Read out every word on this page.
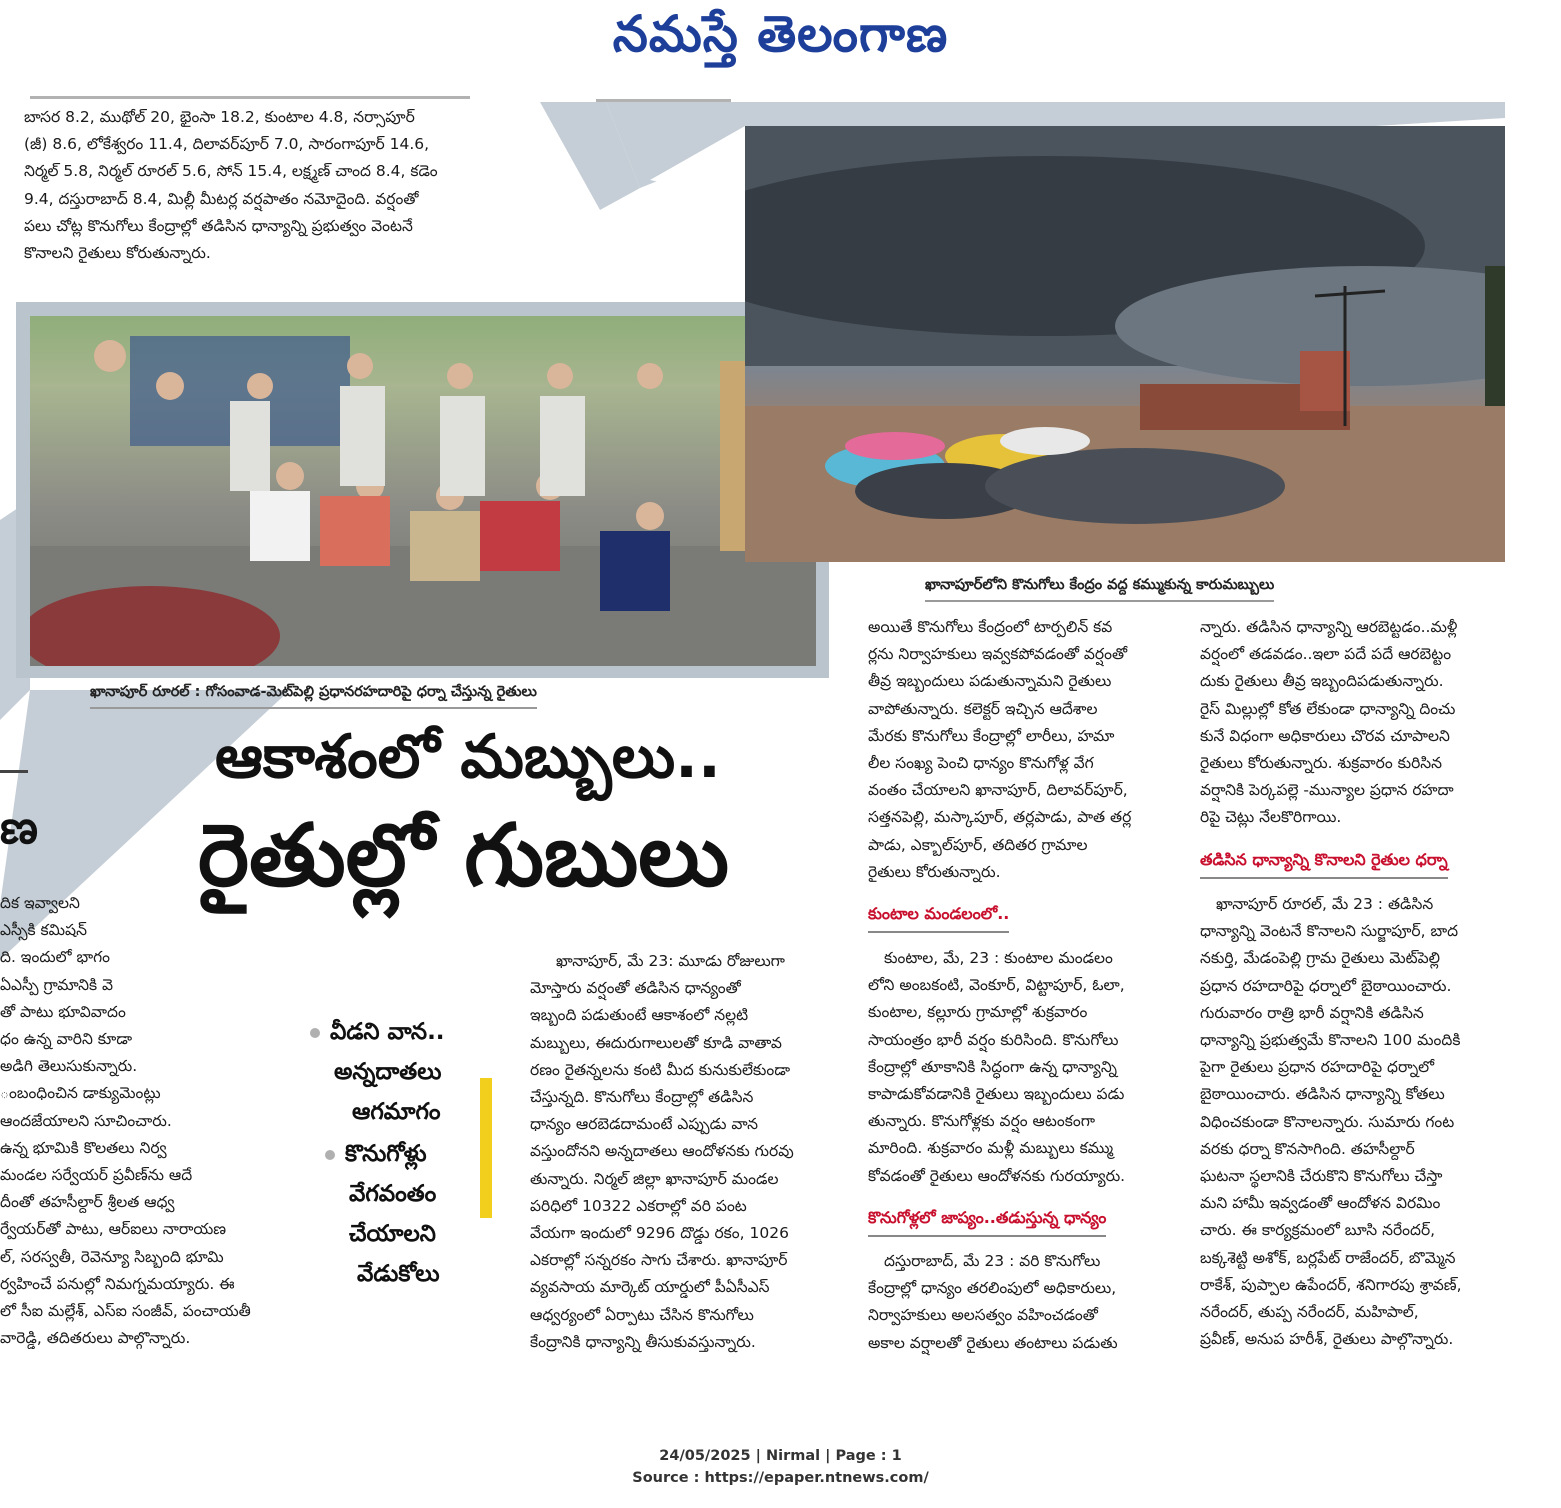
నమస్తే తెలంగాణ

బాసర 8.2, ముథోల్ 20, భైంసా 18.2, కుంటాల 4.8, నర్సాపూర్

(జీ) 8.6, లోకేశ్వరం 11.4, దిలావర్‌పూర్ 7.0, సారంగాపూర్ 14.6,

నిర్మల్ 5.8, నిర్మల్ రూరల్ 5.6, సోన్ 15.4, లక్ష్మణ్ చాంద 8.4, కడెం

9.4, దస్తురాబాద్ 8.4, మిల్లీ మీటర్ల వర్షపాతం నమోదైంది. వర్షంతో

పలు చోట్ల కొనుగోలు కేంద్రాల్లో తడిసిన ధాన్యాన్ని ప్రభుత్వం వెంటనే

కొనాలని రైతులు కోరుతున్నారు.

ఖానాపూర్ రూరల్ : గోసంవాడ-మెట్‌పెల్లి ప్రధానరహదారిపై ధర్నా చేస్తున్న రైతులు
ఖానాపూర్‌లోని కొనుగోలు కేంద్రం వద్ద కమ్ముకున్న కారుమబ్బులు
ఆకాశంలో మబ్బులు..
రైతుల్లో గుబులు
ణ

దిక ఇవ్వాలని

ఎస్సీకి కమిషన్

ది. ఇందులో భాగం

ఏఎస్పీ గ్రామానికి వె

తో పాటు భూవివాదం

ధం ఉన్న వారిని కూడా

అడిగి తెలుసుకున్నారు.

ంబంధించిన డాక్యుమెంట్లు

ఆందజేయాలని సూచించారు.

ఉన్న భూమికి కొలతలు నిర్వ

మండల సర్వేయర్ ప్రవీణ్‌ను ఆదే

దీంతో తహసీల్దార్ శ్రీలత ఆధ్వ

ర్వేయర్‌తో పాటు, ఆర్ఐలు నారాయణ

ల్, సరస్వతీ, రెవెన్యూ సిబ్బంది భూమి

ర్వహించే పనుల్లో నిమగ్నమయ్యారు. ఈ

లో సీఐ మల్లేశ్, ఎస్ఐ సంజీవ్, పంచాయతీ

వారెడ్డి, తదితరులు పాల్గొన్నారు.

వీడని వాన..
అన్నదాతలు
ఆగమాగం
కొనుగోళ్లు
వేగవంతం
చేయాలని
వేడుకోలు

ఖానాపూర్, మే 23: మూడు రోజులుగా

మోస్తారు వర్షంతో తడిసిన ధాన్యంతో

ఇబ్బంది పడుతుంటే ఆకాశంలో నల్లటి

మబ్బులు, ఈదురుగాలులతో కూడి వాతావ

రణం రైతన్నలను కంటి మీద కునుకులేకుండా

చేస్తున్నది. కొనుగోలు కేంద్రాల్లో తడిసిన

ధాన్యం ఆరబెడదామంటే ఎప్పుడు వాన

వస్తుందోనని అన్నదాతలు ఆందోళనకు గురవు

తున్నారు. నిర్మల్ జిల్లా ఖానాపూర్ మండల

పరిధిలో 10322 ఎకరాల్లో వరి పంట

వేయగా ఇందులో 9296 దొడ్డు రకం, 1026

ఎకరాల్లో సన్నరకం సాగు చేశారు. ఖానాపూర్

వ్యవసాయ మార్కెట్ యార్డులో పీఏసీఎస్

ఆధ్వర్యంలో ఏర్పాటు చేసిన కొనుగోలు

కేంద్రానికి ధాన్యాన్ని తీసుకువస్తున్నారు.

అయితే కొనుగోలు కేంద్రంలో టార్పలిన్ కవ

ర్లను నిర్వాహకులు ఇవ్వకపోవడంతో వర్షంతో

తీవ్ర ఇబ్బందులు పడుతున్నామని రైతులు

వాపోతున్నారు. కలెక్టర్ ఇచ్చిన ఆదేశాల

మేరకు కొనుగోలు కేంద్రాల్లో లారీలు, హమా

లీల సంఖ్య పెంచి ధాన్యం కొనుగోళ్ల వేగ

వంతం చేయాలని ఖానాపూర్, దిలావర్‌పూర్,

సత్తనపెల్లి, మస్కాపూర్, తర్లపాడు, పాత తర్ల

పాడు, ఎక్బాల్‌పూర్, తదితర గ్రామాల

రైతులు కోరుతున్నారు.

కుంటాల మండలంలో..

కుంటాల, మే, 23 : కుంటాల మండలం

లోని అంబకంటి, వెంకూర్, విట్టాపూర్, ఓలా,

కుంటాల, కల్లూరు గ్రామాల్లో శుక్రవారం

సాయంత్రం భారీ వర్షం కురిసింది. కొనుగోలు

కేంద్రాల్లో తూకానికి సిద్ధంగా ఉన్న ధాన్యాన్ని

కాపాడుకోవడానికి రైతులు ఇబ్బందులు పడు

తున్నారు. కొనుగోళ్లకు వర్షం ఆటంకంగా

మారింది. శుక్రవారం మళ్లీ మబ్బులు కమ్ము

కోవడంతో రైతులు ఆందోళనకు గురయ్యారు.

కొనుగోళ్లలో జాప్యం..తడుస్తున్న ధాన్యం

దస్తురాబాద్, మే 23 : వరి కొనుగోలు

కేంద్రాల్లో ధాన్యం తరలింపులో అధికారులు,

నిర్వాహకులు అలసత్వం వహించడంతో

అకాల వర్షాలతో రైతులు తంటాలు పడుతు

న్నారు. తడిసిన ధాన్యాన్ని ఆరబెట్టడం..మళ్లీ

వర్షంలో తడవడం..ఇలా పదే పదే ఆరబెట్టం

దుకు రైతులు తీవ్ర ఇబ్బందిపడుతున్నారు.

రైస్ మిల్లుల్లో కోత లేకుండా ధాన్యాన్ని దించు

కునే విధంగా అధికారులు చొరవ చూపాలని

రైతులు కోరుతున్నారు. శుక్రవారం కురిసిన

వర్షానికి పెర్కపల్లె -మున్యాల ప్రధాన రహదా

రిపై చెట్లు నేలకొరిగాయి.

తడిసిన ధాన్యాన్ని కొనాలని రైతుల ధర్నా

ఖానాపూర్ రూరల్, మే 23 : తడిసిన

ధాన్యాన్ని వెంటనే కొనాలని సుర్జాపూర్, బాద

నకుర్తి, మేడంపెల్లి గ్రామ రైతులు మెట్‌పెల్లి

ప్రధాన రహదారిపై ధర్నాలో బైఠాయించారు.

గురువారం రాత్రి భారీ వర్షానికి తడిసిన

ధాన్యాన్ని ప్రభుత్వమే కొనాలని 100 మందికి

పైగా రైతులు ప్రధాన రహదారిపై ధర్నాలో

బైఠాయించారు. తడిసిన ధాన్యాన్ని కోతలు

విధించకుండా కొనాలన్నారు. సుమారు గంట

వరకు ధర్నా కొనసాగింది. తహసీల్దార్

ఘటనా స్థలానికి చేరుకొని కొనుగోలు చేస్తా

మని హామీ ఇవ్వడంతో ఆందోళన విరమిం

చారు. ఈ కార్యక్రమంలో బూసి నరేందర్,

బక్కశెట్టి అశోక్, బర్లపేట్ రాజేందర్, బొమ్మెన

రాకేశ్, పుప్పాల ఉపేందర్, శనిగారపు శ్రావణ్,

నరేందర్, తుప్ప నరేందర్, మహిపాల్,

ప్రవీణ్, అనుప హరీశ్, రైతులు పాల్గొన్నారు.

24/05/2025 | Nirmal | Page : 1
Source : https://epaper.ntnews.com/
